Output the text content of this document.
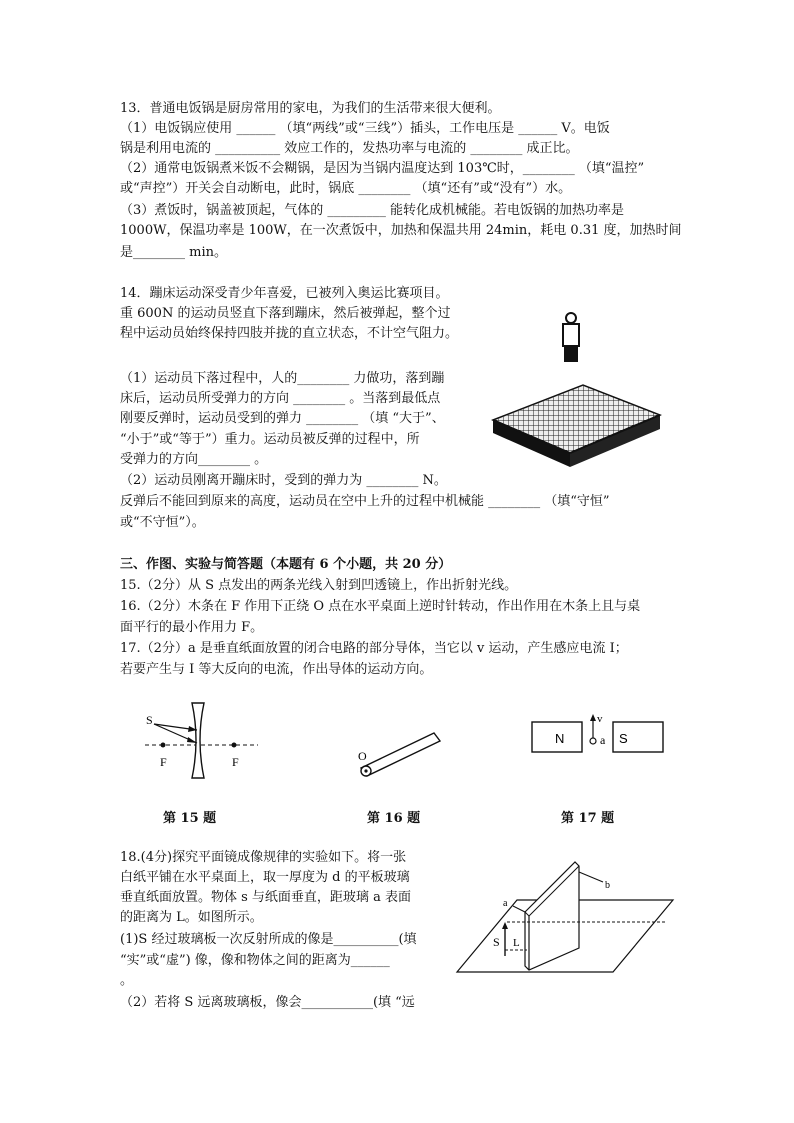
13．普通电饭锅是厨房常用的家电，为我们的生活带来很大便利。
（1）电饭锅应使用 ______ （填“两线”或“三线”）插头，工作电压是 ______ V。电饭
锅是利用电流的 __________ 效应工作的，发热功率与电流的 ________ 成正比。
（2）通常电饭锅煮米饭不会糊锅，是因为当锅内温度达到 103℃时，________ （填“温控”
或“声控”）开关会自动断电，此时，锅底 ________ （填“还有”或“没有”）水。
（3）煮饭时，锅盖被顶起，气体的 _________ 能转化成机械能。若电饭锅的加热功率是
1000W，保温功率是 100W，在一次煮饭中，加热和保温共用 24min，耗电 0.31 度，加热时间
是________ min。
14．蹦床运动深受青少年喜爱，已被列入奥运比赛项目。
重 600N 的运动员竖直下落到蹦床，然后被弹起，整个过
程中运动员始终保持四肢并拢的直立状态，不计空气阻力。
（1）运动员下落过程中，人的________ 力做功，落到蹦
床后，运动员所受弹力的方向 ________ 。当落到最低点
刚要反弹时，运动员受到的弹力 ________ （填 “大于”、
“小于”或“等于”）重力。运动员被反弹的过程中，所
受弹力的方向________ 。
（2）运动员刚离开蹦床时，受到的弹力为 ________ N。
反弹后不能回到原来的高度，运动员在空中上升的过程中机械能 ________ （填“守恒”
或“不守恒”）。
三、作图、实验与简答题（本题有 6 个小题，共 20 分）
15.（2分）从 S 点发出的两条光线入射到凹透镜上，作出折射光线。
16.（2分）木条在 F 作用下正绕 O 点在水平桌面上逆时针转动，作出作用在木条上且与桌
面平行的最小作用力 F。
17.（2分）a 是垂直纸面放置的闭合电路的部分导体，当它以 v 运动，产生感应电流 I；
若要产生与 I 等大反向的电流，作出导体的运动方向。
S
F	F	O
N	S
v
a
第 15 题	第 16 题	第 17 题
18.(4分)探究平面镜成像规律的实验如下。将一张
白纸平铺在水平桌面上，取一厚度为 d 的平板玻璃
垂直纸面放置。物体 s 与纸面垂直，距玻璃 a 表面
的距离为 L。如图所示。
(1)S 经过玻璃板一次反射所成的像是__________(填
“实”或“虚”) 像，像和物体之间的距离为______
。
（2）若将 S 远离玻璃板，像会___________(填 “远
a
b
S L
